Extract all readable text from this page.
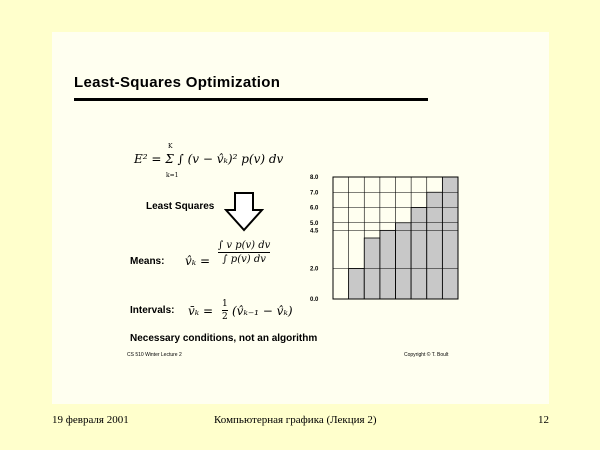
Least-Squares Optimization
E² = Σ ∫ (v − v̂ₖ)² p(v) dv
K
k=1
Least Squares
Means: v̂ₖ =
∫ v p(v) dv
∫ p(v) dv
Intervals: v̄ₖ = 1
2 (v̂ₖ₋₁ − v̂ₖ)
Necessary conditions, not an algorithm
CS 510 Winter Lecture 2	Copyright © T. Boult
0.0
2.0
4.5
5.0
6.0
7.0
8.0
19 февраля 2001	Компьютерная графика (Лекция 2)	12
